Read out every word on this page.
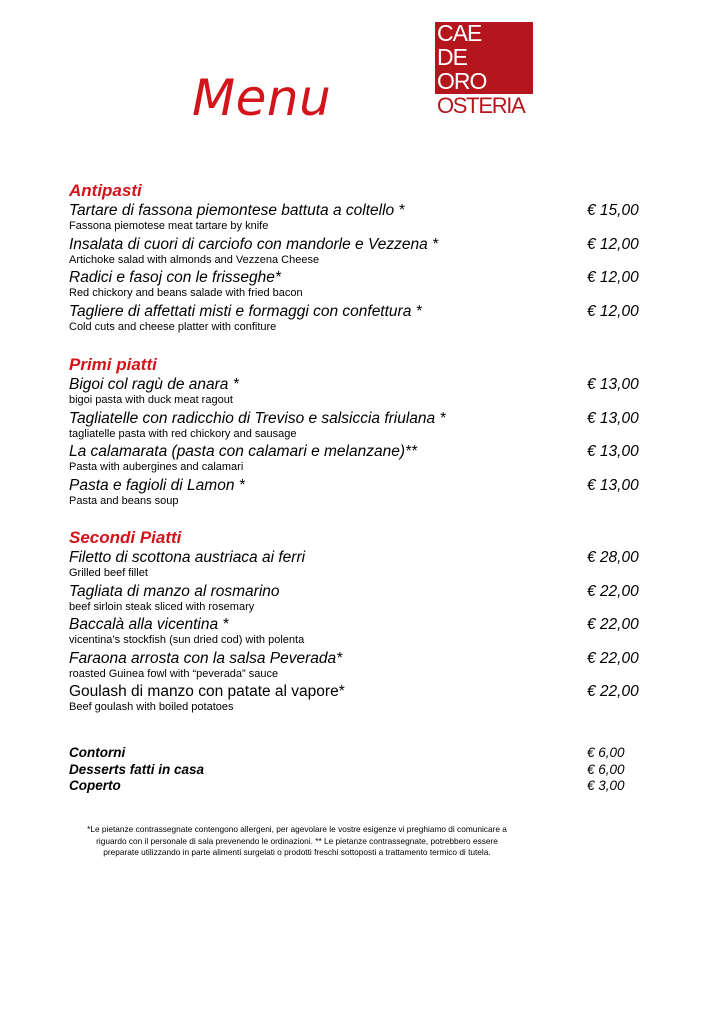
Menu
CAE
DE
ORO
OSTERIA
Antipasti
Tartare di fassona piemontese battuta a coltello *
Fassona piemotese meat tartare by knife
€ 15,00
Insalata di cuori di carciofo con mandorle e Vezzena *
Artichoke salad with almonds and Vezzena Cheese
€ 12,00
Radici e fasoj con le frisseghe*
Red chickory and beans salade with fried bacon
€ 12,00
Tagliere di affettati misti e formaggi con confettura *
Cold cuts and cheese platter with confiture
€ 12,00
Primi piatti
Bigoi col ragù de anara *
bigoi pasta with duck meat ragout
€ 13,00
Tagliatelle con radicchio di Treviso e salsiccia friulana *
tagliatelle pasta with red chickory and sausage
€ 13,00
La calamarata (pasta con calamari e melanzane)**
Pasta with aubergines and calamari
€ 13,00
Pasta e fagioli di Lamon *
Pasta and beans soup
€ 13,00
Secondi Piatti
Filetto di scottona austriaca ai ferri
Grilled beef fillet
€ 28,00
Tagliata di manzo al rosmarino
beef sirloin steak sliced with rosemary
€ 22,00
Baccalà alla vicentina *
vicentina’s stockfish (sun dried cod) with polenta
€ 22,00
Faraona arrosta con la salsa Peverada*
roasted Guinea fowl with “peverada” sauce
€ 22,00
Goulash di manzo con patate al vapore*
Beef goulash with boiled potatoes
€ 22,00
Contorni	€ 6,00
Desserts fatti in casa	€ 6,00
Coperto	€ 3,00
*Le pietanze contrassegnate contengono allergeni, per agevolare le vostre esigenze vi preghiamo di comunicare a
riguardo con il personale di sala prevenendo le ordinazioni. ** Le pietanze contrassegnate, potrebbero essere
preparate utilizzando in parte alimenti surgelati o prodotti freschi sottoposti a trattamento termico di tutela.
